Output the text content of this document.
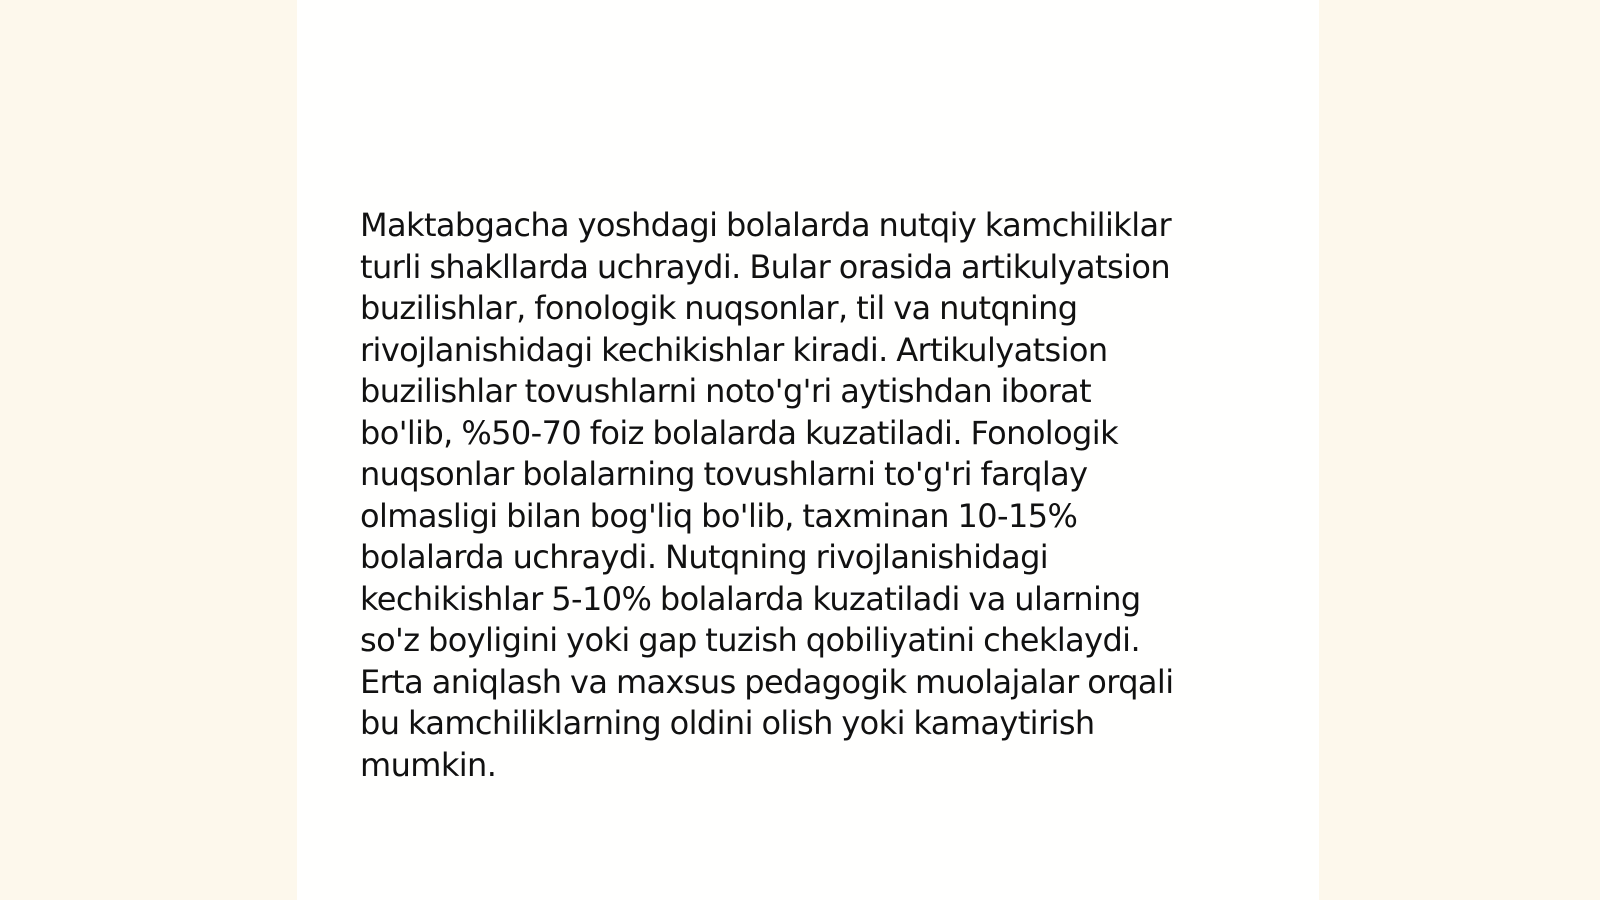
Maktabgacha yoshdagi bolalarda nutqiy kamchiliklar
turli shakllarda uchraydi. Bular orasida artikulyatsion
buzilishlar, fonologik nuqsonlar, til va nutqning
rivojlanishidagi kechikishlar kiradi. Artikulyatsion
buzilishlar tovushlarni noto'g'ri aytishdan iborat
bo'lib, %50-70 foiz bolalarda kuzatiladi. Fonologik
nuqsonlar bolalarning tovushlarni to'g'ri farqlay
olmasligi bilan bog'liq bo'lib, taxminan 10-15%
bolalarda uchraydi. Nutqning rivojlanishidagi
kechikishlar 5-10% bolalarda kuzatiladi va ularning
so'z boyligini yoki gap tuzish qobiliyatini cheklaydi.
Erta aniqlash va maxsus pedagogik muolajalar orqali
bu kamchiliklarning oldini olish yoki kamaytirish
mumkin.
